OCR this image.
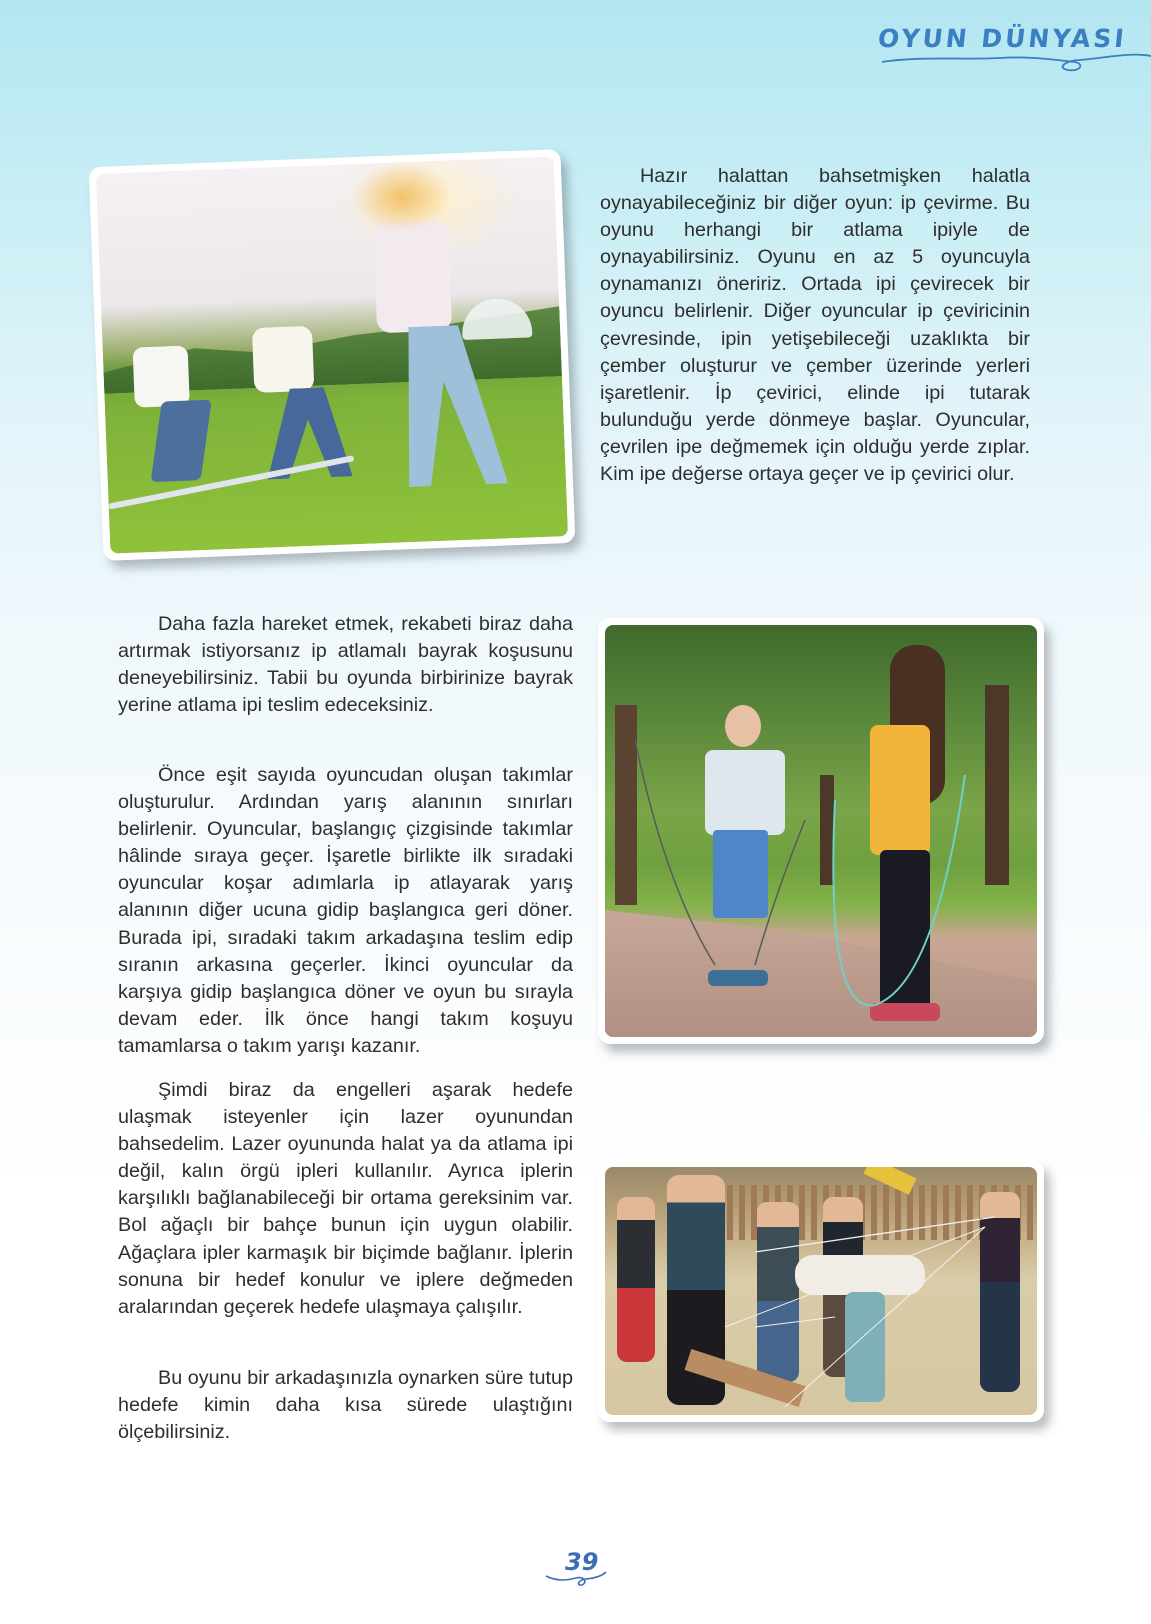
OYUN DÜNYASI

Hazır halattan bahsetmişken halatla oynayabileceğiniz bir diğer oyun: ip çevirme. Bu oyunu herhangi bir atlama ipiyle de oynayabilirsiniz. Oyunu en az 5 oyuncuyla oynamanızı öneririz. Ortada ipi çevirecek bir oyuncu belirlenir. Diğer oyuncular ip çeviricinin çevresinde, ipin yetişebileceği uzaklıkta bir çember oluşturur ve çember üzerinde yerleri işaretlenir. İp çevirici, elinde ipi tutarak bulunduğu yerde dönmeye başlar. Oyuncular, çevrilen ipe değmemek için olduğu yerde zıplar. Kim ipe değerse ortaya geçer ve ip çevirici olur.

Daha fazla hareket etmek, rekabeti biraz daha artırmak istiyorsanız ip atlamalı bayrak koşusunu deneyebilirsiniz. Tabii bu oyunda birbirinize bayrak yerine atlama ipi teslim edeceksiniz.

Önce eşit sayıda oyuncudan oluşan takımlar oluşturulur. Ardından yarış alanının sınırları belirlenir. Oyuncular, başlangıç çizgisinde takımlar hâlinde sıraya geçer. İşaretle birlikte ilk sıradaki oyuncular koşar adımlarla ip atlayarak yarış alanının diğer ucuna gidip başlangıca geri döner. Burada ipi, sıradaki takım arkadaşına teslim edip sıranın arkasına geçerler. İkinci oyuncular da karşıya gidip başlangıca döner ve oyun bu sırayla devam eder. İlk önce hangi takım koşuyu tamamlarsa o takım yarışı kazanır.

Şimdi biraz da engelleri aşarak hedefe ulaşmak isteyenler için lazer oyunundan bahsedelim. Lazer oyununda halat ya da atlama ipi değil, kalın örgü ipleri kullanılır. Ayrıca iplerin karşılıklı bağlanabileceği bir ortama gereksinim var. Bol ağaçlı bir bahçe bunun için uygun olabilir. Ağaçlara ipler karmaşık bir biçimde bağlanır. İplerin sonuna bir hedef konulur ve iplere değmeden aralarından geçerek hedefe ulaşmaya çalışılır.

Bu oyunu bir arkadaşınızla oynarken süre tutup hedefe kimin daha kısa sürede ulaştığını ölçebilirsiniz.

39
